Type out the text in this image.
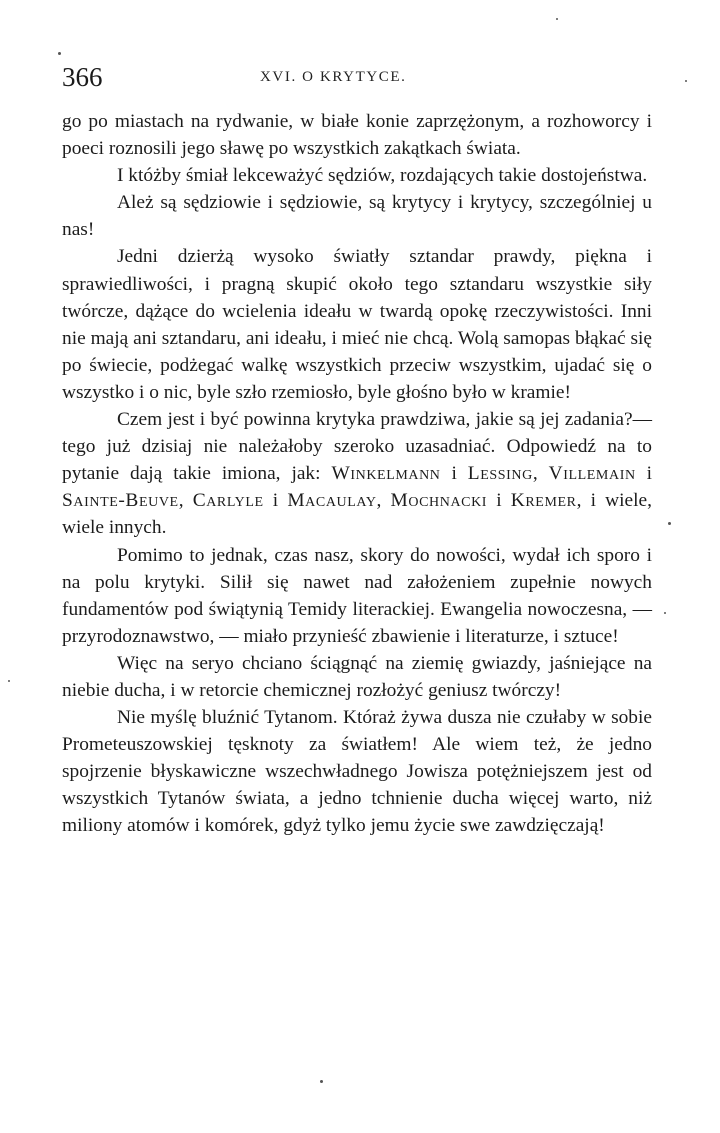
366	XVI. O KRYTYCE.

go po miastach na rydwanie, w białe konie zaprzężonym, a rozhoworcy i poeci roznosili jego sławę po wszystkich zakątkach świata.

I któżby śmiał lekceważyć sędziów, rozdających takie dostojeństwa.

Ależ są sędziowie i sędziowie, są krytycy i krytycy, szczególniej u nas!

Jedni dzierżą wysoko światły sztandar prawdy, piękna i sprawiedliwości, i pragną skupić około tego sztandaru wszystkie siły twórcze, dążące do wcielenia ideału w twardą opokę rzeczywistości. Inni nie mają ani sztandaru, ani ideału, i mieć nie chcą. Wolą samopas błąkać się po świecie, podżegać walkę wszystkich przeciw wszystkim, ujadać się o wszystko i o nic, byle szło rzemiosło, byle głośno było w kramie!

Czem jest i być powinna krytyka prawdziwa, jakie są jej zadania?—tego już dzisiaj nie należałoby szeroko uzasadniać. Odpowiedź na to pytanie dają takie imiona, jak: Winkelmann i Lessing, Villemain i Sainte-Beuve, Carlyle i Macaulay, Mochnacki i Kremer, i wiele, wiele innych.

Pomimo to jednak, czas nasz, skory do nowości, wydał ich sporo i na polu krytyki. Silił się nawet nad założeniem zupełnie nowych fundamentów pod świątynią Temidy literackiej. Ewangelia nowoczesna, — przyrodoznawstwo, — miało przynieść zbawienie i literaturze, i sztuce!

Więc na seryo chciano ściągnąć na ziemię gwiazdy, jaśniejące na niebie ducha, i w retorcie chemicznej rozłożyć geniusz twórczy!

Nie myślę bluźnić Tytanom. Któraż żywa dusza nie czułaby w sobie Prometeuszowskiej tęsknoty za światłem! Ale wiem też, że jedno spojrzenie błyskawiczne wszechwładnego Jowisza potężniejszem jest od wszystkich Tytanów świata, a jedno tchnienie ducha więcej warto, niż miliony atomów i komórek, gdyż tylko jemu życie swe zawdzięczają!
